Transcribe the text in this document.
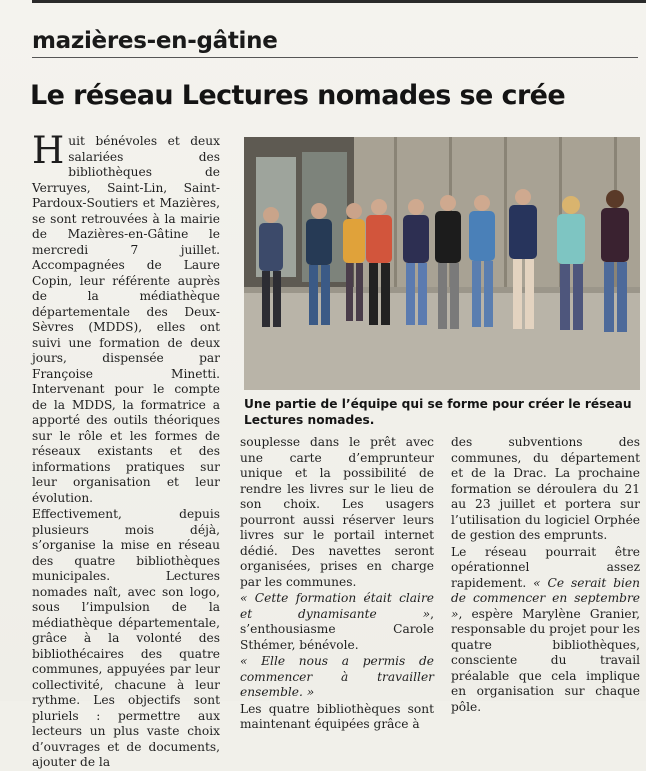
mazières-en-gâtine
Le réseau Lectures nomades se crée

Huit bénévoles et deux salariées des bibliothèques de Verruyes, Saint-Lin, Saint-Pardoux-Soutiers et Mazières, se sont retrouvées à la mairie de Mazières-en-Gâtine le mercredi 7 juillet. Accompagnées de Laure Copin, leur référente auprès de la médiathèque départementale des Deux-Sèvres (MDDS), elles ont suivi une formation de deux jours, dispensée par Françoise Minetti. Intervenant pour le compte de la MDDS, la formatrice a apporté des outils théoriques sur le rôle et les formes de réseaux existants et des informations pratiques sur leur organisation et leur évolution.

Effectivement, depuis plusieurs mois déjà, s’organise la mise en réseau des quatre bibliothèques municipales. Lectures nomades naît, avec son logo, sous l’impulsion de la médiathèque départementale, grâce à la volonté des bibliothécaires des quatre communes, appuyées par leur collectivité, chacune à leur rythme. Les objectifs sont pluriels : permettre aux lecteurs un plus vaste choix d’ouvrages et de documents, ajouter de la

Une partie de l’équipe qui se forme pour créer le réseau Lectures nomades.

souplesse dans le prêt avec une carte d’emprunteur unique et la possibilité de rendre les livres sur le lieu de son choix. Les usagers pourront aussi réserver leurs livres sur le portail internet dédié. Des navettes seront organisées, prises en charge par les communes.

« Cette formation était claire et dynamisante », s’enthousiasme Carole Sthémer, bénévole.

« Elle nous a permis de commencer à travailler ensemble. »

Les quatre bibliothèques sont maintenant équipées grâce à

des subventions des communes, du département et de la Drac. La prochaine formation se déroulera du 21 au 23 juillet et portera sur l’utilisation du logiciel Orphée de gestion des emprunts.

Le réseau pourrait être opérationnel assez rapidement. « Ce serait bien de commencer en septembre », espère Marylène Granier, responsable du projet pour les quatre bibliothèques, consciente du travail préalable que cela implique en organisation sur chaque pôle.
